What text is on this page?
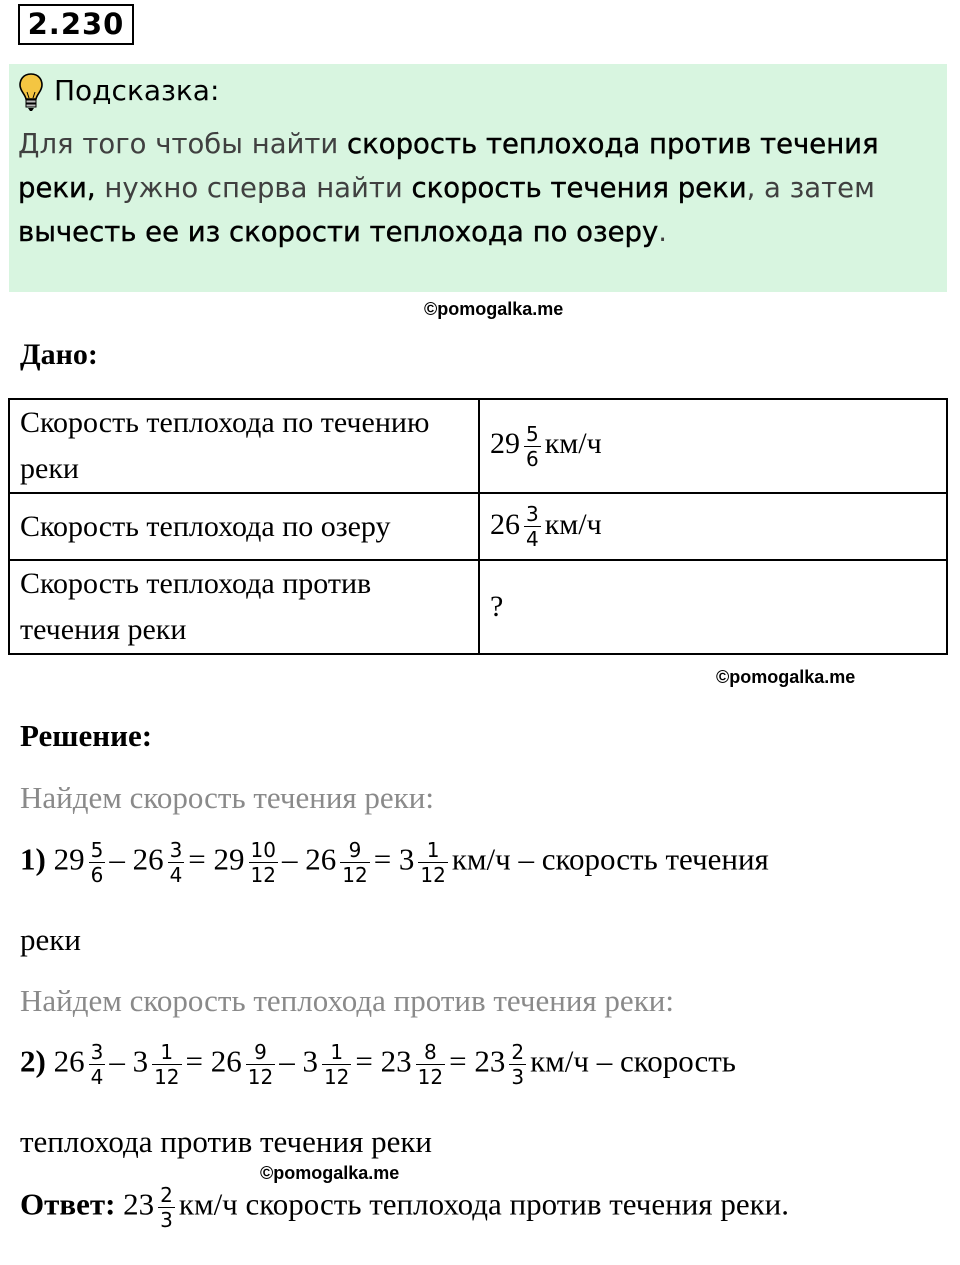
2.230
Подсказка:
Для того чтобы найти скорость теплохода против течения реки, нужно сперва найти скорость течения реки, а затем вычесть ее из скорости теплохода по озеру.
©pomogalka.me
Дано:
Скорость теплохода по течению реки	$29 \frac{5}{6} км/ч$
Скорость теплохода по озеру	$26 \frac{3}{4} км/ч$
Скорость теплохода против течения реки	?
©pomogalka.me
Решение:
Найдем скорость течения реки:
1) $29 \frac{5}{6} - 26 \frac{3}{4} = 29 \frac{10}{12} - 26 \frac{9}{12} = 3 \frac{1}{12} км/ч$ – скорость течения
реки
Найдем скорость теплохода против течения реки:
2) $26 \frac{3}{4} - 3 \frac{1}{12} = 26 \frac{9}{12} - 3 \frac{1}{12} = 23 \frac{8}{12} = 23 \frac{2}{3} км/ч$ – скорость
теплохода против течения реки
©pomogalka.me
Ответ: $23 \frac{2}{3} км/ч$ скорость теплохода против течения реки.
